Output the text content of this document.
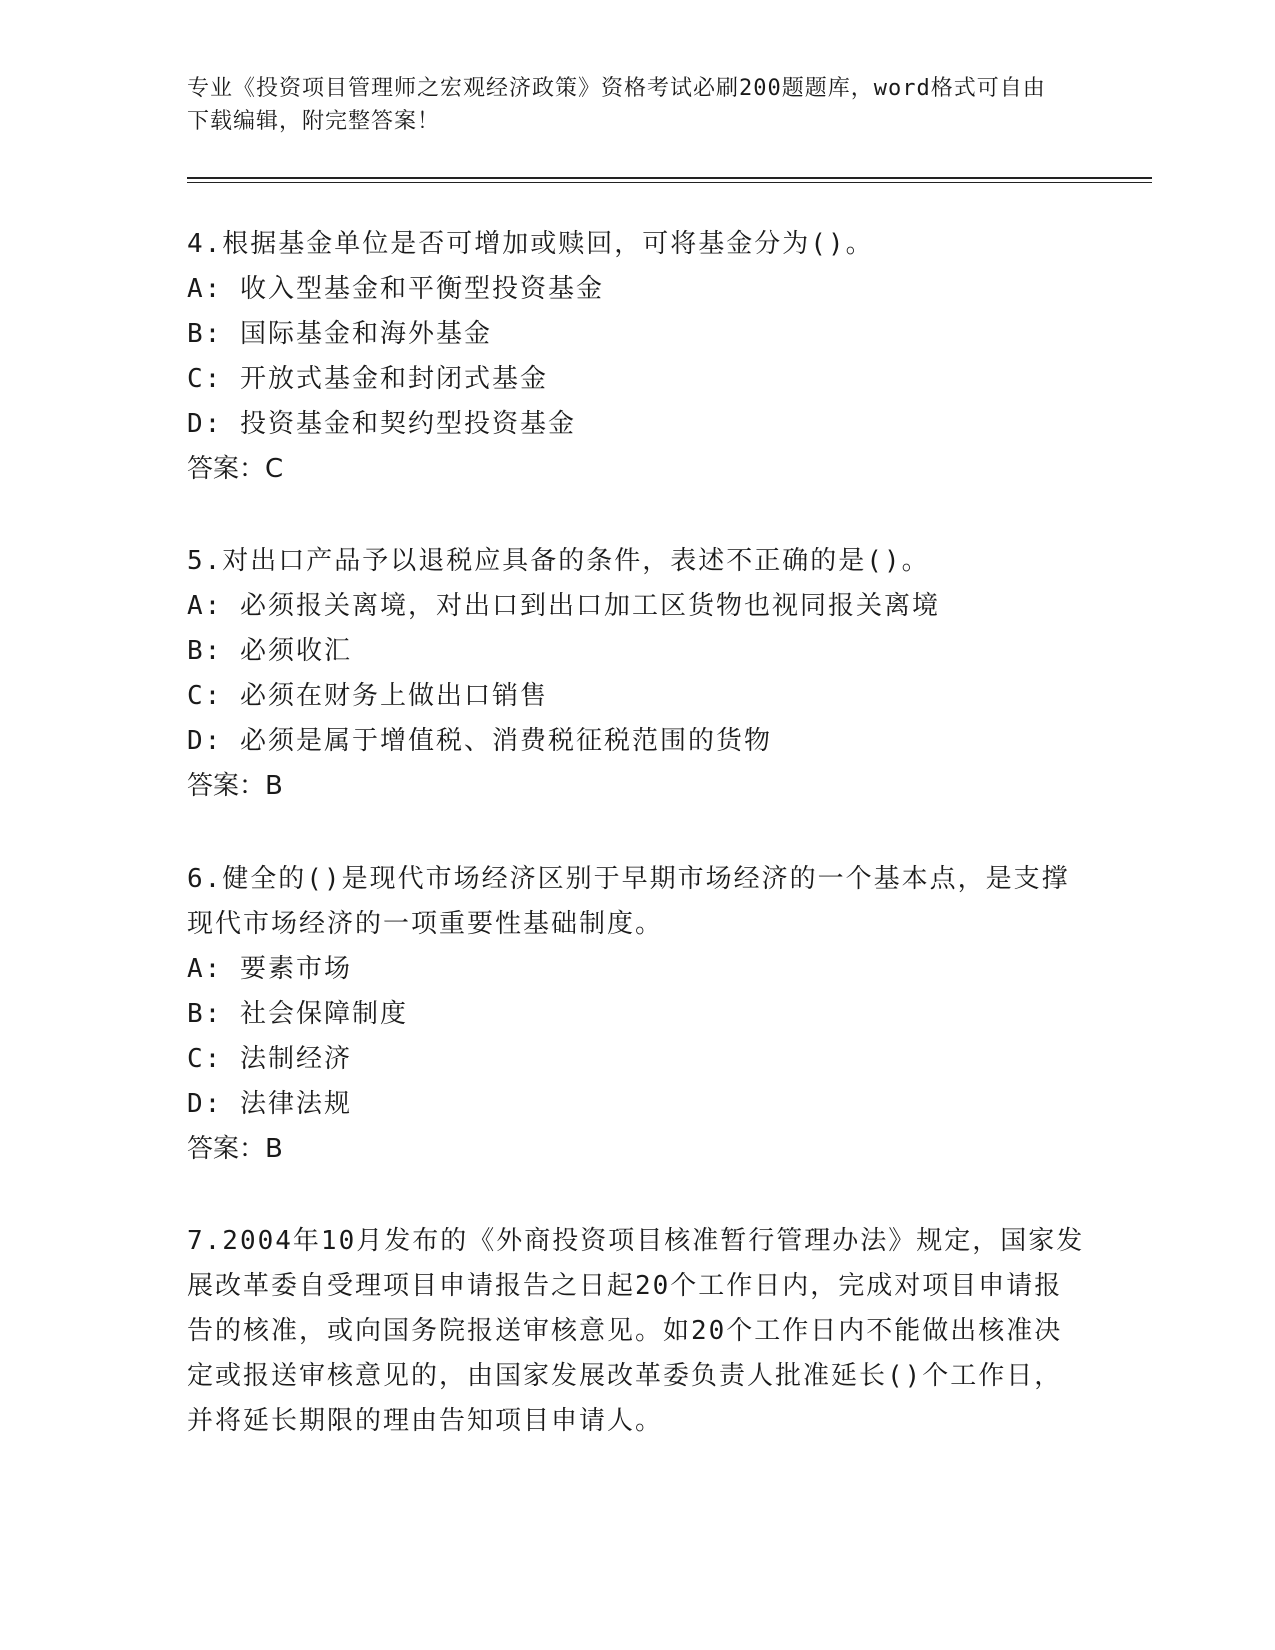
专业《投资项目管理师之宏观经济政策》资格考试必刷200题题库，word格式可自由下载编辑，附完整答案！

4.根据基金单位是否可增加或赎回，可将基金分为()。

A: 收入型基金和平衡型投资基金

B: 国际基金和海外基金

C: 开放式基金和封闭式基金

D: 投资基金和契约型投资基金

答案：C

5.对出口产品予以退税应具备的条件，表述不正确的是()。

A: 必须报关离境，对出口到出口加工区货物也视同报关离境

B: 必须收汇

C: 必须在财务上做出口销售

D: 必须是属于增值税、消费税征税范围的货物

答案：B

6.健全的()是现代市场经济区别于早期市场经济的一个基本点，是支撑现代市场经济的一项重要性基础制度。

A: 要素市场

B: 社会保障制度

C: 法制经济

D: 法律法规

答案：B

7.2004年10月发布的《外商投资项目核准暂行管理办法》规定，国家发展改革委自受理项目申请报告之日起20个工作日内，完成对项目申请报告的核准，或向国务院报送审核意见。如20个工作日内不能做出核准决定或报送审核意见的，由国家发展改革委负责人批准延长()个工作日，并将延长期限的理由告知项目申请人。
